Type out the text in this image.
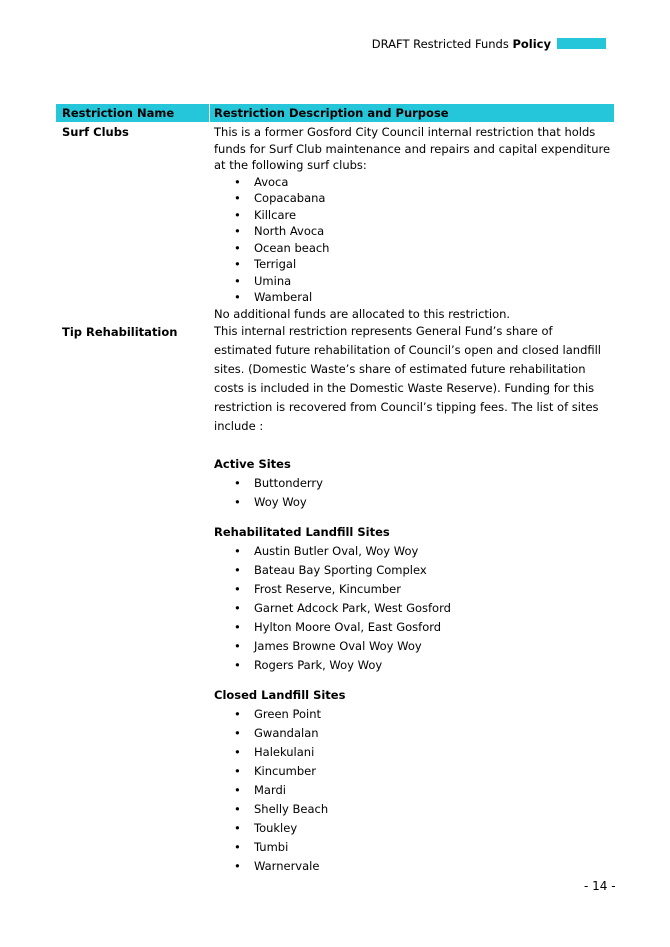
DRAFT Restricted Funds Policy
Restriction Name	Restriction Description and Purpose
Surf Clubs	This is a former Gosford City Council internal restriction that holds funds for Surf Club maintenance and repairs and capital expenditure at the following surf clubs:

• Avoca
• Copacabana
• Killcare
• North Avoca
• Ocean beach
• Terrigal
• Umina
• Wamberal

No additional funds are allocated to this restriction.

Tip Rehabilitation	This internal restriction represents General Fund’s share of estimated future rehabilitation of Council’s open and closed landfill sites. (Domestic Waste’s share of estimated future rehabilitation costs is included in the Domestic Waste Reserve). Funding for this restriction is recovered from Council’s tipping fees. The list of sites include :

Active Sites

• Buttonderry
• Woy Woy

Rehabilitated Landfill Sites

• Austin Butler Oval, Woy Woy
• Bateau Bay Sporting Complex
• Frost Reserve, Kincumber
• Garnet Adcock Park, West Gosford
• Hylton Moore Oval, East Gosford
• James Browne Oval Woy Woy
• Rogers Park, Woy Woy

Closed Landfill Sites

• Green Point
• Gwandalan
• Halekulani
• Kincumber
• Mardi
• Shelly Beach
• Toukley
• Tumbi
• Warnervale
- 14 -
